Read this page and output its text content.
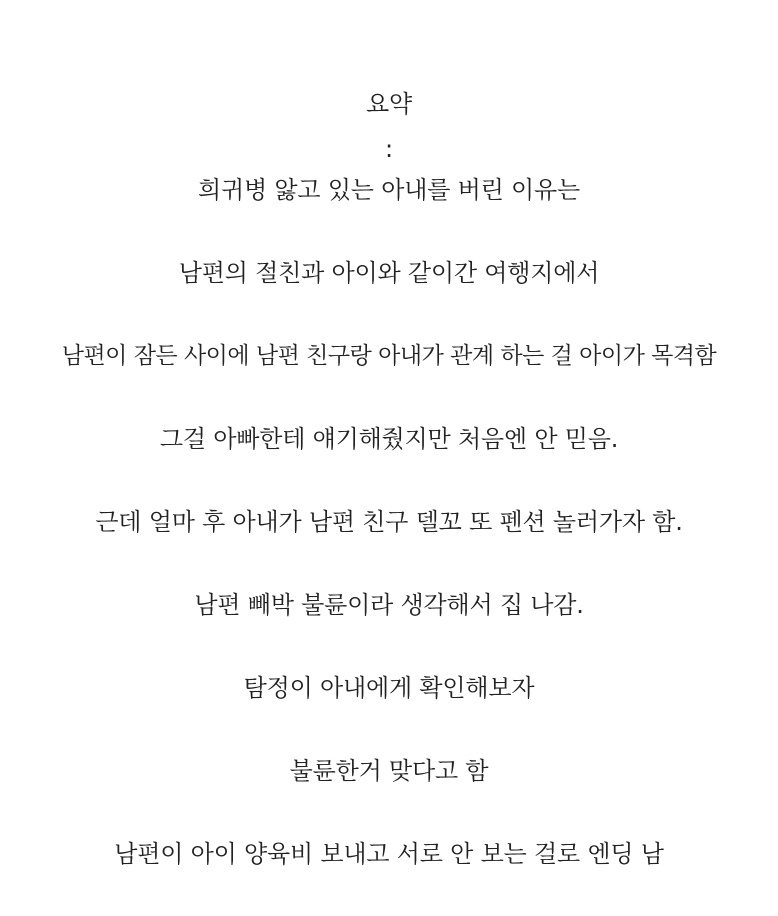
요약
:
희귀병 앓고 있는 아내를 버린 이유는
남편의 절친과 아이와 같이간 여행지에서
남편이 잠든 사이에 남편 친구랑 아내가 관계 하는 걸 아이가 목격함
그걸 아빠한테 얘기해줬지만 처음엔 안 믿음.
근데 얼마 후 아내가 남편 친구 델꼬 또 펜션 놀러가자 함.
남편 빼박 불륜이라 생각해서 집 나감.
탐정이 아내에게 확인해보자
불륜한거 맞다고 함
남편이 아이 양육비 보내고 서로 안 보는 걸로 엔딩 남
